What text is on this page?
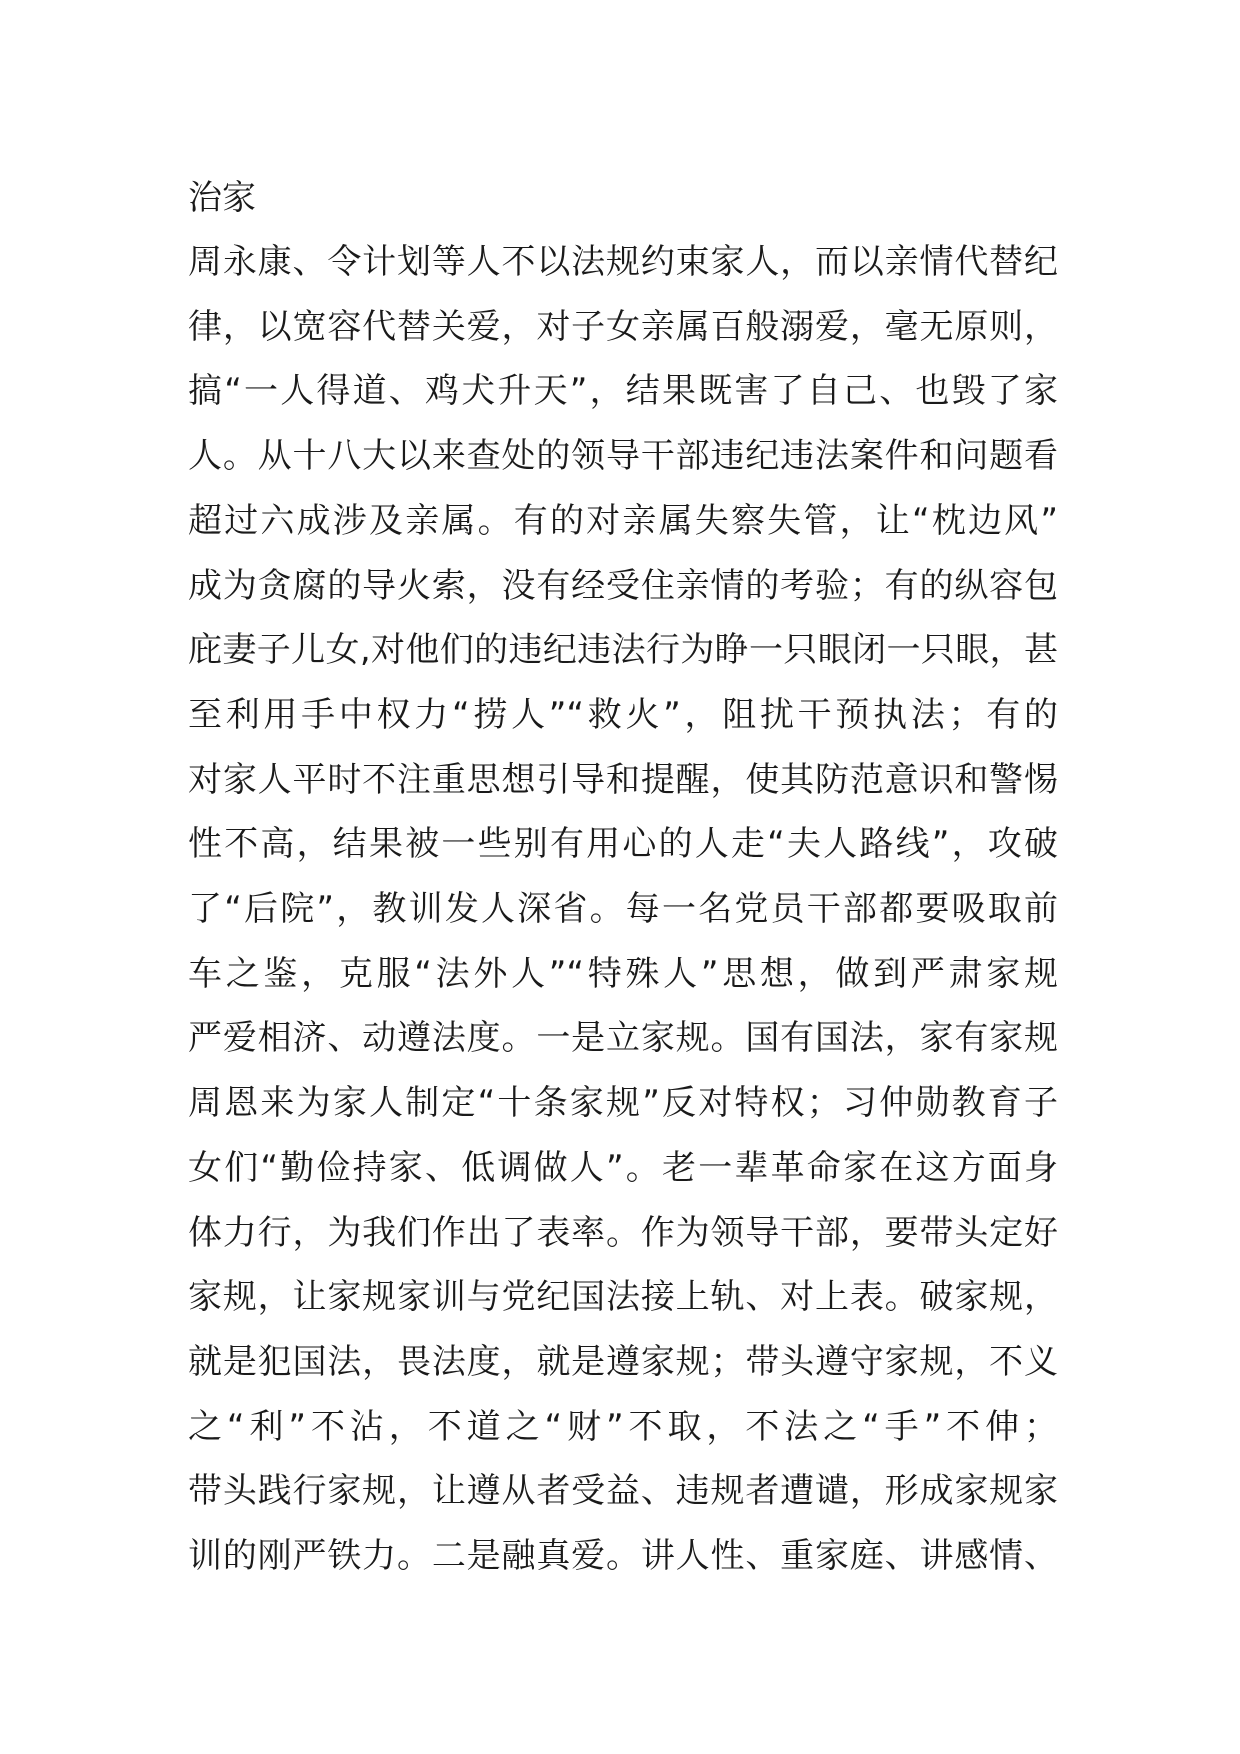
治家
周永康、令计划等人不以法规约束家人，而以亲情代替纪
律，以宽容代替关爱，对子女亲属百般溺爱，毫无原则，
搞“一人得道、鸡犬升天”，结果既害了自己、也毁了家
人。从十八大以来查处的领导干部违纪违法案件和问题看
超过六成涉及亲属。有的对亲属失察失管，让“枕边风”
成为贪腐的导火索，没有经受住亲情的考验；有的纵容包
庇妻子儿女,对他们的违纪违法行为睁一只眼闭一只眼，甚
至利用手中权力“捞人”“救火”，阻扰干预执法；有的
对家人平时不注重思想引导和提醒，使其防范意识和警惕
性不高，结果被一些别有用心的人走“夫人路线”，攻破
了“后院”，教训发人深省。每一名党员干部都要吸取前
车之鉴，克服“法外人”“特殊人”思想，做到严肃家规
严爱相济、动遵法度。一是立家规。国有国法，家有家规
周恩来为家人制定“十条家规”反对特权；习仲勋教育子
女们“勤俭持家、低调做人”。老一辈革命家在这方面身
体力行，为我们作出了表率。作为领导干部，要带头定好
家规，让家规家训与党纪国法接上轨、对上表。破家规，
就是犯国法，畏法度，就是遵家规；带头遵守家规，不义
之“利”不沾，不道之“财”不取，不法之“手”不伸；
带头践行家规，让遵从者受益、违规者遭谴，形成家规家
训的刚严铁力。二是融真爱。讲人性、重家庭、讲感情、
